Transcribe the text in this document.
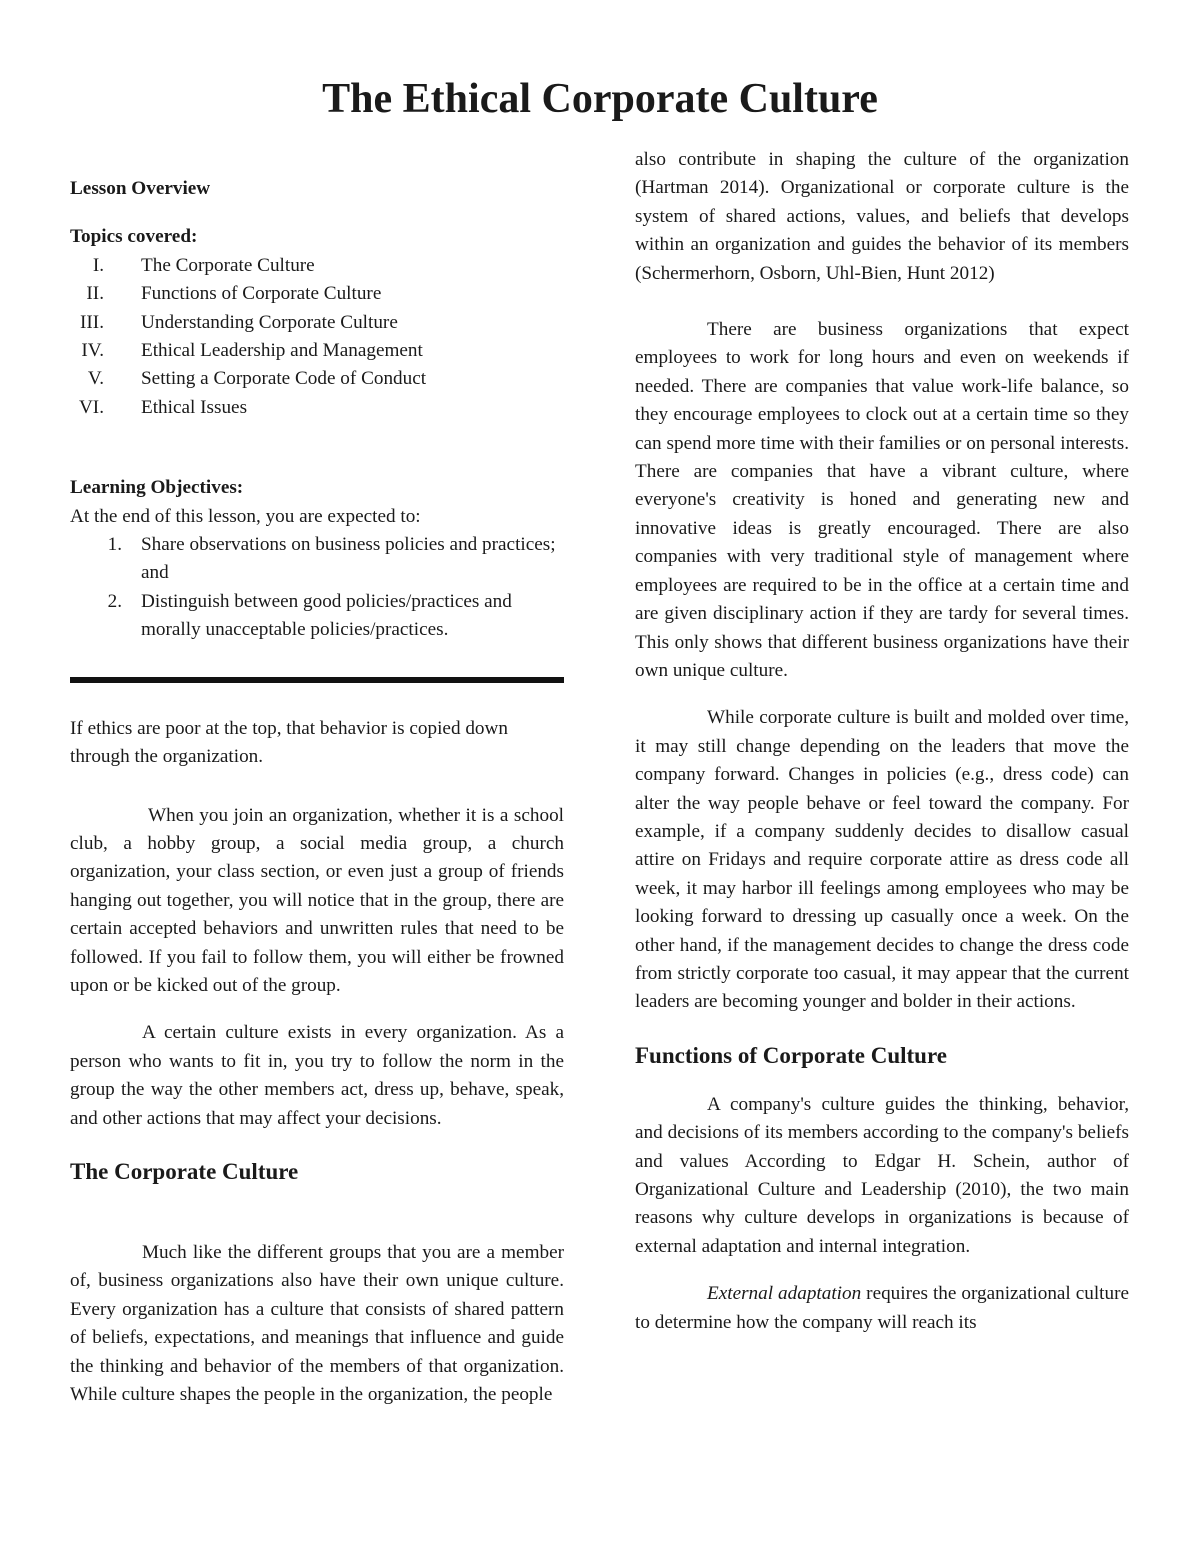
The Ethical Corporate Culture

Lesson Overview

Topics covered:

I. The Corporate Culture
II. Functions of Corporate Culture
III. Understanding Corporate Culture
IV. Ethical Leadership and Management
V. Setting a Corporate Code of Conduct
VI. Ethical Issues

Learning Objectives:

At the end of this lesson, you are expected to:

1. Share observations on business policies and practices; and
2. Distinguish between good policies/practices and morally unacceptable policies/practices.

If ethics are poor at the top, that behavior is copied down through the organization.

When you join an organization, whether it is a school club, a hobby group, a social media group, a church organization, your class section, or even just a group of friends hanging out together, you will notice that in the group, there are certain accepted behaviors and unwritten rules that need to be followed. If you fail to follow them, you will either be frowned upon or be kicked out of the group.

A certain culture exists in every organization. As a person who wants to fit in, you try to follow the norm in the group the way the other members act, dress up, behave, speak, and other actions that may affect your decisions.

The Corporate Culture

Much like the different groups that you are a member of, business organizations also have their own unique culture. Every organization has a culture that consists of shared pattern of beliefs, expectations, and meanings that influence and guide the thinking and behavior of the members of that organization. While culture shapes the people in the organization, the people

also contribute in shaping the culture of the organization (Hartman 2014). Organizational or corporate culture is the system of shared actions, values, and beliefs that develops within an organization and guides the behavior of its members (Schermerhorn, Osborn, Uhl-Bien, Hunt 2012)

There are business organizations that expect employees to work for long hours and even on weekends if needed. There are companies that value work-life balance, so they encourage employees to clock out at a certain time so they can spend more time with their families or on personal interests. There are companies that have a vibrant culture, where everyone's creativity is honed and generating new and innovative ideas is greatly encouraged. There are also companies with very traditional style of management where employees are required to be in the office at a certain time and are given disciplinary action if they are tardy for several times. This only shows that different business organizations have their own unique culture.

While corporate culture is built and molded over time, it may still change depending on the leaders that move the company forward. Changes in policies (e.g., dress code) can alter the way people behave or feel toward the company. For example, if a company suddenly decides to disallow casual attire on Fridays and require corporate attire as dress code all week, it may harbor ill feelings among employees who may be looking forward to dressing up casually once a week. On the other hand, if the management decides to change the dress code from strictly corporate too casual, it may appear that the current leaders are becoming younger and bolder in their actions.

Functions of Corporate Culture

A company's culture guides the thinking, behavior, and decisions of its members according to the company's beliefs and values According to Edgar H. Schein, author of Organizational Culture and Leadership (2010), the two main reasons why culture develops in organizations is because of external adaptation and internal integration.

External adaptation requires the organizational culture to determine how the company will reach its
